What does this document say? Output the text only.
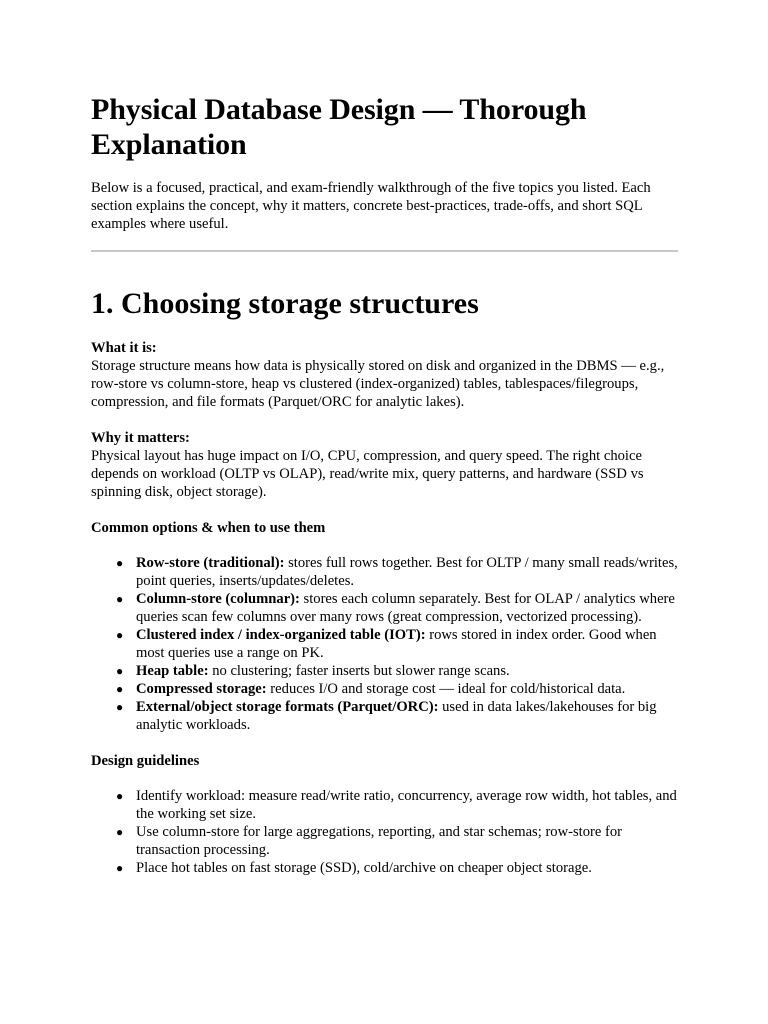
Physical Database Design — Thorough Explanation

Below is a focused, practical, and exam-friendly walkthrough of the five topics you listed. Each section explains the concept, why it matters, concrete best-practices, trade-offs, and short SQL examples where useful.

1. Choosing storage structures
What it is:
Storage structure means how data is physically stored on disk and organized in the DBMS — e.g., row-store vs column-store, heap vs clustered (index-organized) tables, tablespaces/filegroups, compression, and file formats (Parquet/ORC for analytic lakes).
Why it matters:
Physical layout has huge impact on I/O, CPU, compression, and query speed. The right choice depends on workload (OLTP vs OLAP), read/write mix, query patterns, and hardware (SSD vs spinning disk, object storage).
Common options & when to use them
● Row-store (traditional): stores full rows together. Best for OLTP / many small reads/writes, point queries, inserts/updates/deletes.
● Column-store (columnar): stores each column separately. Best for OLAP / analytics where queries scan few columns over many rows (great compression, vectorized processing).
● Clustered index / index-organized table (IOT): rows stored in index order. Good when most queries use a range on PK.
● Heap table: no clustering; faster inserts but slower range scans.
● Compressed storage: reduces I/O and storage cost — ideal for cold/historical data.
● External/object storage formats (Parquet/ORC): used in data lakes/lakehouses for big analytic workloads.
Design guidelines
● Identify workload: measure read/write ratio, concurrency, average row width, hot tables, and the working set size.
● Use column-store for large aggregations, reporting, and star schemas; row-store for transaction processing.
● Place hot tables on fast storage (SSD), cold/archive on cheaper object storage.
